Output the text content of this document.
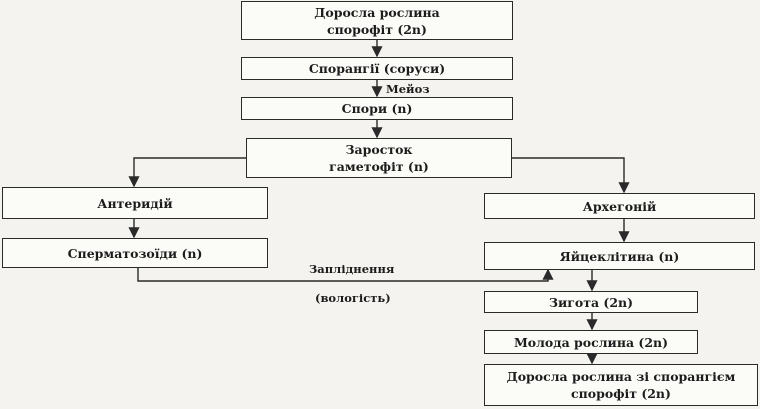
Доросла рослина
спорофіт (2n)
Спорангії (соруси)
Мейоз
Спори (n)
Заросток
гаметофіт (n)
Антеридій
Сперматозоїди (n)
Запліднення
(вологість)
Архегоній
Яйцеклітина (n)
Зигота (2n)
Молода рослина (2n)
Доросла рослина зі спорангієм
спорофіт (2n)
